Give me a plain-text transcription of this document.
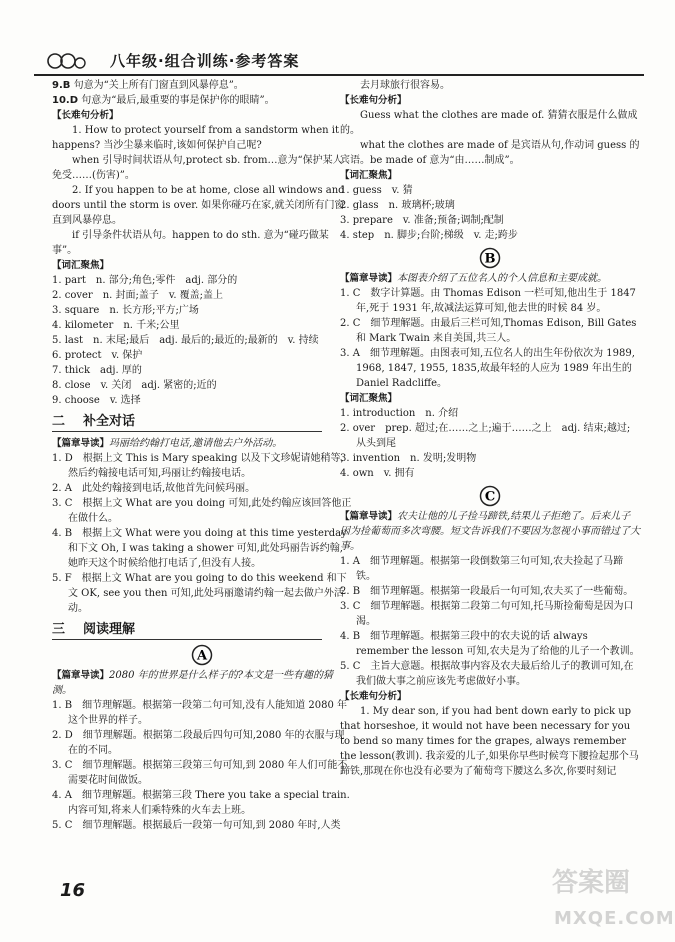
八年级·组合训练·参考答案

9.B 句意为“关上所有门窗直到风暴停息”。

10.D 句意为“最后,最重要的事是保护你的眼睛”。

【长难句分析】

1. How to protect yourself from a sandstorm when it happens? 当沙尘暴来临时,该如何保护自己呢?

when 引导时间状语从句,protect sb. from…意为“保护某人免受……(伤害)”。

2. If you happen to be at home, close all windows and doors until the storm is over. 如果你碰巧在家,就关闭所有门窗直到风暴停息。

if 引导条件状语从句。happen to do sth. 意为“碰巧做某事”。

【词汇聚焦】

1. part　n. 部分;角色;零件　adj. 部分的

2. cover　n. 封面;盖子　v. 覆盖;盖上

3. square　n. 长方形;平方;广场

4. kilometer　n. 千米;公里

5. last　n. 末尾;最后　adj. 最后的;最近的;最新的　v. 持续

6. protect　v. 保护

7. thick　adj. 厚的

8. close　v. 关闭　adj. 紧密的;近的

9. choose　v. 选择

二 补全对话

【篇章导读】玛丽给约翰打电话,邀请他去户外活动。

1. D　根据上文 This is Mary speaking 以及下文珍妮请她稍等,然后约翰接电话可知,玛丽让约翰接电话。

2. A　此处约翰接到电话,故他首先问候玛丽。

3. C　根据上文 What are you doing 可知,此处约翰应该回答他正在做什么。

4. B　根据上文 What were you doing at this time yesterday 和下文 Oh, I was taking a shower 可知,此处玛丽告诉约翰,她昨天这个时候给他打电话了,但没有人接。

5. F　根据上文 What are you going to do this weekend 和下文 OK, see you then 可知,此处玛丽邀请约翰一起去做户外活动。

三 阅读理解
A

【篇章导读】2080 年的世界是什么样子的?本文是一些有趣的猜测。

1. B　细节理解题。根据第一段第二句可知,没有人能知道 2080 年这个世界的样子。

2. D　细节理解题。根据第二段最后四句可知,2080 年的衣服与现在的不同。

3. C　细节理解题。根据第三段第三句可知,到 2080 年人们可能不需要花时间做饭。

4. A　细节理解题。根据第三段 There you take a special train. 内容可知,将来人们乘特殊的火车去上班。

5. C　细节理解题。根据最后一段第一句可知,到 2080 年时,人类

去月球旅行很容易。

【长难句分析】

Guess what the clothes are made of. 猜猜衣服是什么做成的。

what the clothes are made of 是宾语从句,作动词 guess 的宾语。be made of 意为“由……制成”。

【词汇聚焦】

1. guess　v. 猜

2. glass　n. 玻璃杯;玻璃

3. prepare　v. 准备;预备;调制;配制

4. step　n. 脚步;台阶;梯级　v. 走;跨步

B

【篇章导读】本图表介绍了五位名人的个人信息和主要成就。

1. C　数字计算题。由 Thomas Edison 一栏可知,他出生于 1847 年,死于 1931 年,故减法运算可知,他去世的时候 84 岁。

2. C　细节理解题。由最后三栏可知,Thomas Edison, Bill Gates 和 Mark Twain 来自美国,共三人。

3. A　细节理解题。由图表可知,五位名人的出生年份依次为 1989, 1968, 1847, 1955, 1835,故最年轻的人应为 1989 年出生的 Daniel Radcliffe。

【词汇聚焦】

1. introduction　n. 介绍

2. over　prep. 超过;在……之上;遍于……之上　adj. 结束;越过;从头到尾

3. invention　n. 发明;发明物

4. own　v. 拥有

C

【篇章导读】农夫让他的儿子捡马蹄铁,结果儿子拒绝了。后来儿子因为捡葡萄而多次弯腰。短文告诉我们不要因为忽视小事而错过了大事。

1. A　细节理解题。根据第一段倒数第三句可知,农夫捡起了马蹄铁。

2. B　细节理解题。根据第一段最后一句可知,农夫买了一些葡萄。

3. C　细节理解题。根据第二段第二句可知,托马斯捡葡萄是因为口渴。

4. B　细节理解题。根据第三段中的农夫说的话 always remember the lesson 可知,农夫是为了给他的儿子一个教训。

5. C　主旨大意题。根据故事内容及农夫最后给儿子的教训可知,在我们做大事之前应该先考虑做好小事。

【长难句分析】

1. My dear son, if you had bent down early to pick up that horseshoe, it would not have been necessary for you to bend so many times for the grapes, always remember the lesson(教训). 我亲爱的儿子,如果你早些时候弯下腰捡起那个马蹄铁,那现在你也没有必要为了葡萄弯下腰这么多次,你要时刻记

16	答案圈
MXQE.COM
